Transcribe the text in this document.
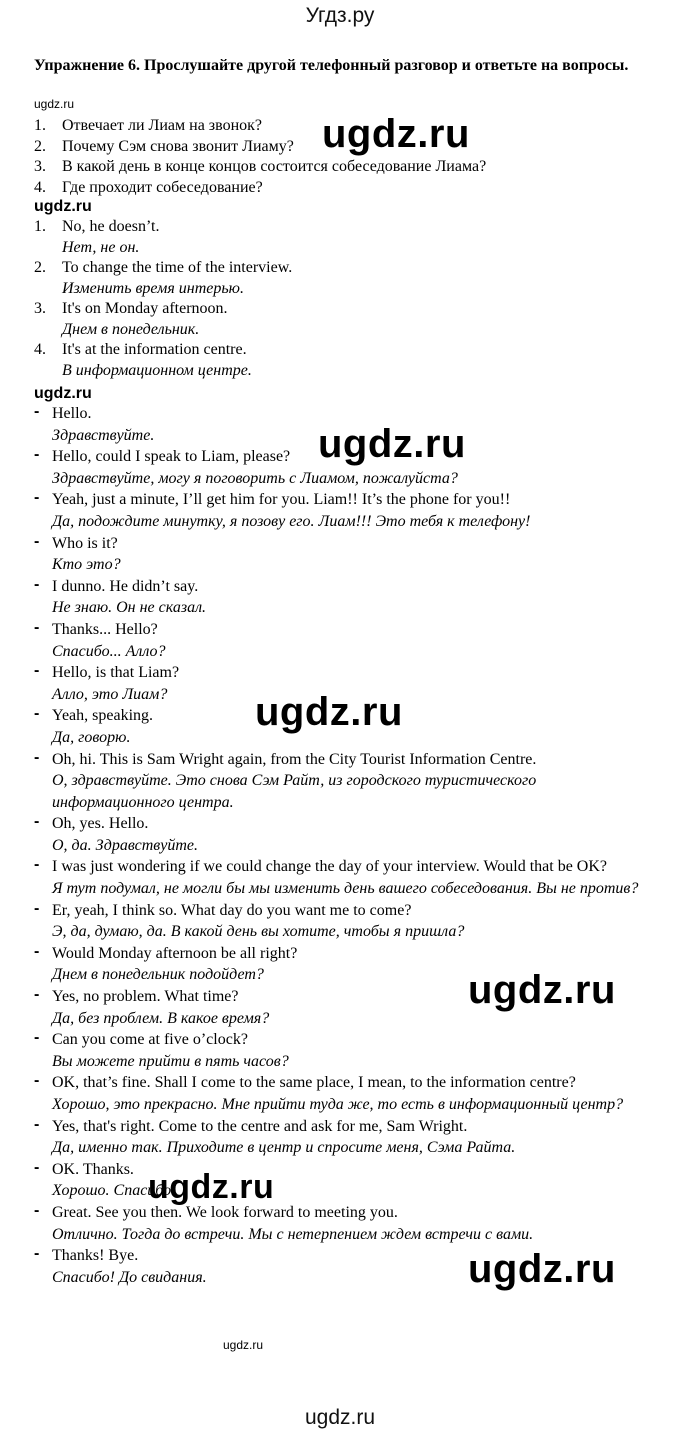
Угдз.ру
Упражнение 6. Прослушайте другой телефонный разговор и ответьте на вопросы.
ugdz.ru
1. Отвечает ли Лиам на звонок?
2. Почему Сэм снова звонит Лиаму?
3. В какой день в конце концов состоится собеседование Лиама?
4. Где проходит собеседование?
ugdz.ru
1. No, he doesn’t.
Нет, не он.
2. To change the time of the interview.
Изменить время интерью.
3. It's on Monday afternoon.
Днем в понедельник.
4. It's at the information centre.
В информационном центре.
ugdz.ru
- Hello.
Здравствуйте.
- Hello, could I speak to Liam, please?
Здравствуйте, могу я поговорить с Лиамом, пожалуйста?
- Yeah, just a minute, I’ll get him for you. Liam!! It’s the phone for you!!
Да, подождите минутку, я позову его. Лиам!!! Это тебя к телефону!
- Who is it?
Кто это?
- I dunno. He didn’t say.
Не знаю. Он не сказал.
- Thanks... Hello?
Спасибо... Алло?
- Hello, is that Liam?
Алло, это Лиам?
- Yeah, speaking.
Да, говорю.
- Oh, hi. This is Sam Wright again, from the City Tourist Information Centre.
О, здравствуйте. Это снова Сэм Райт, из городского туристического информационного центра.
- Oh, yes. Hello.
О, да. Здравствуйте.
- I was just wondering if we could change the day of your interview. Would that be OK?
Я тут подумал, не могли бы мы изменить день вашего собеседования. Вы не против?
- Er, yeah, I think so. What day do you want me to come?
Э, да, думаю, да. В какой день вы хотите, чтобы я пришла?
- Would Monday afternoon be all right?
Днем в понедельник подойдет?
- Yes, no problem. What time?
Да, без проблем. В какое время?
- Can you come at five o’clock?
Вы можете прийти в пять часов?
- OK, that’s fine. Shall I come to the same place, I mean, to the information centre?
Хорошо, это прекрасно. Мне прийти туда же, то есть в информационный центр?
- Yes, that's right. Come to the centre and ask for me, Sam Wright.
Да, именно так. Приходите в центр и спросите меня, Сэма Райта.
- OK. Thanks.
Хорошо. Спасибо.
- Great. See you then. We look forward to meeting you.
Отлично. Тогда до встречи. Мы с нетерпением ждем встречи с вами.
- Thanks! Bye.
Спасибо! До свидания.
ugdz.ru
ugdz.ru
ugdz.ru
ugdz.ru
ugdz.ru
ugdz.ru
ugdz.ru
ugdz.ru
